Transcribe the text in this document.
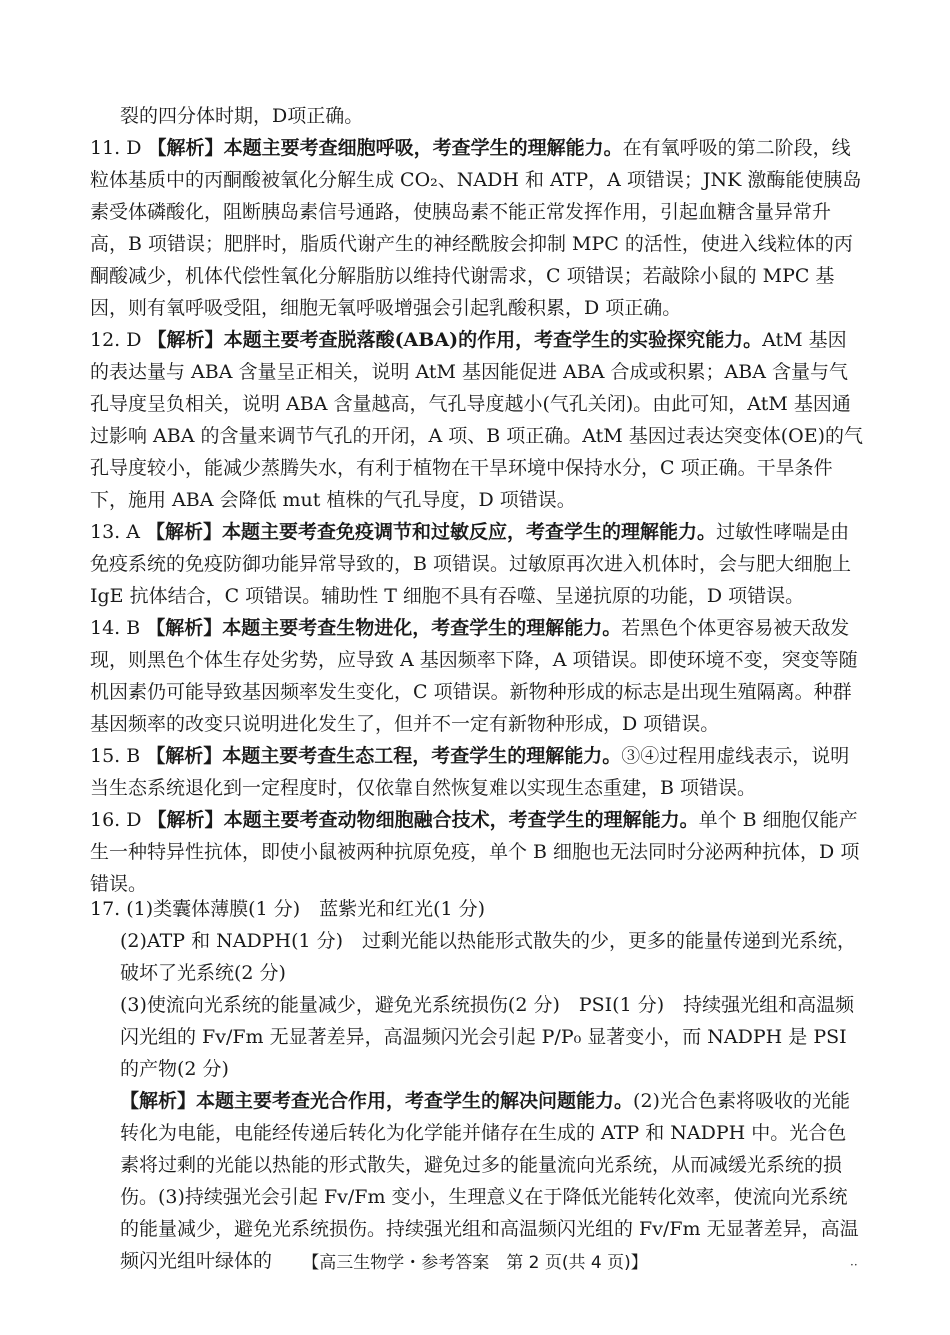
裂的四分体时期，D项正确。
11. D 【解析】本题主要考查细胞呼吸，考查学生的理解能力。在有氧呼吸的第二阶段，线粒体基质中的丙酮酸被氧化分解生成 CO₂、NADH 和 ATP，A 项错误；JNK 激酶能使胰岛素受体磷酸化，阻断胰岛素信号通路，使胰岛素不能正常发挥作用，引起血糖含量异常升高，B 项错误；肥胖时，脂质代谢产生的神经酰胺会抑制 MPC 的活性，使进入线粒体的丙酮酸减少，机体代偿性氧化分解脂肪以维持代谢需求，C 项错误；若敲除小鼠的 MPC 基因，则有氧呼吸受阻，细胞无氧呼吸增强会引起乳酸积累，D 项正确。
12. D 【解析】本题主要考查脱落酸(ABA)的作用，考查学生的实验探究能力。AtM 基因的表达量与 ABA 含量呈正相关，说明 AtM 基因能促进 ABA 合成或积累；ABA 含量与气孔导度呈负相关，说明 ABA 含量越高，气孔导度越小(气孔关闭)。由此可知，AtM 基因通过影响 ABA 的含量来调节气孔的开闭，A 项、B 项正确。AtM 基因过表达突变体(OE)的气孔导度较小，能减少蒸腾失水，有利于植物在干旱环境中保持水分，C 项正确。干旱条件下，施用 ABA 会降低 mut 植株的气孔导度，D 项错误。
13. A 【解析】本题主要考查免疫调节和过敏反应，考查学生的理解能力。过敏性哮喘是由免疫系统的免疫防御功能异常导致的，B 项错误。过敏原再次进入机体时，会与肥大细胞上 IgE 抗体结合，C 项错误。辅助性 T 细胞不具有吞噬、呈递抗原的功能，D 项错误。
14. B 【解析】本题主要考查生物进化，考查学生的理解能力。若黑色个体更容易被天敌发现，则黑色个体生存处劣势，应导致 A 基因频率下降，A 项错误。即使环境不变，突变等随机因素仍可能导致基因频率发生变化，C 项错误。新物种形成的标志是出现生殖隔离。种群基因频率的改变只说明进化发生了，但并不一定有新物种形成，D 项错误。
15. B 【解析】本题主要考查生态工程，考查学生的理解能力。③④过程用虚线表示，说明当生态系统退化到一定程度时，仅依靠自然恢复难以实现生态重建，B 项错误。
16. D 【解析】本题主要考查动物细胞融合技术，考查学生的理解能力。单个 B 细胞仅能产生一种特异性抗体，即使小鼠被两种抗原免疫，单个 B 细胞也无法同时分泌两种抗体，D 项错误。
17. (1)类囊体薄膜(1 分)　蓝紫光和红光(1 分)
(2)ATP 和 NADPH(1 分)　过剩光能以热能形式散失的少，更多的能量传递到光系统，破坏了光系统(2 分)
(3)使流向光系统的能量减少，避免光系统损伤(2 分)　PSⅠ(1 分)　持续强光组和高温频闪光组的 Fv/Fm 无显著差异，高温频闪光会引起 P/P₀ 显著变小，而 NADPH 是 PSⅠ的产物(2 分)
【解析】本题主要考查光合作用，考查学生的解决问题能力。(2)光合色素将吸收的光能转化为电能，电能经传递后转化为化学能并储存在生成的 ATP 和 NADPH 中。光合色素将过剩的光能以热能的形式散失，避免过多的能量流向光系统，从而减缓光系统的损伤。(3)持续强光会引起 Fv/Fm 变小，生理意义在于降低光能转化效率，使流向光系统的能量减少，避免光系统损伤。持续强光组和高温频闪光组的 Fv/Fm 无显著差异，高温频闪光组叶绿体的	【高三生物学・参考答案　第 2 页(共 4 页)】	··
